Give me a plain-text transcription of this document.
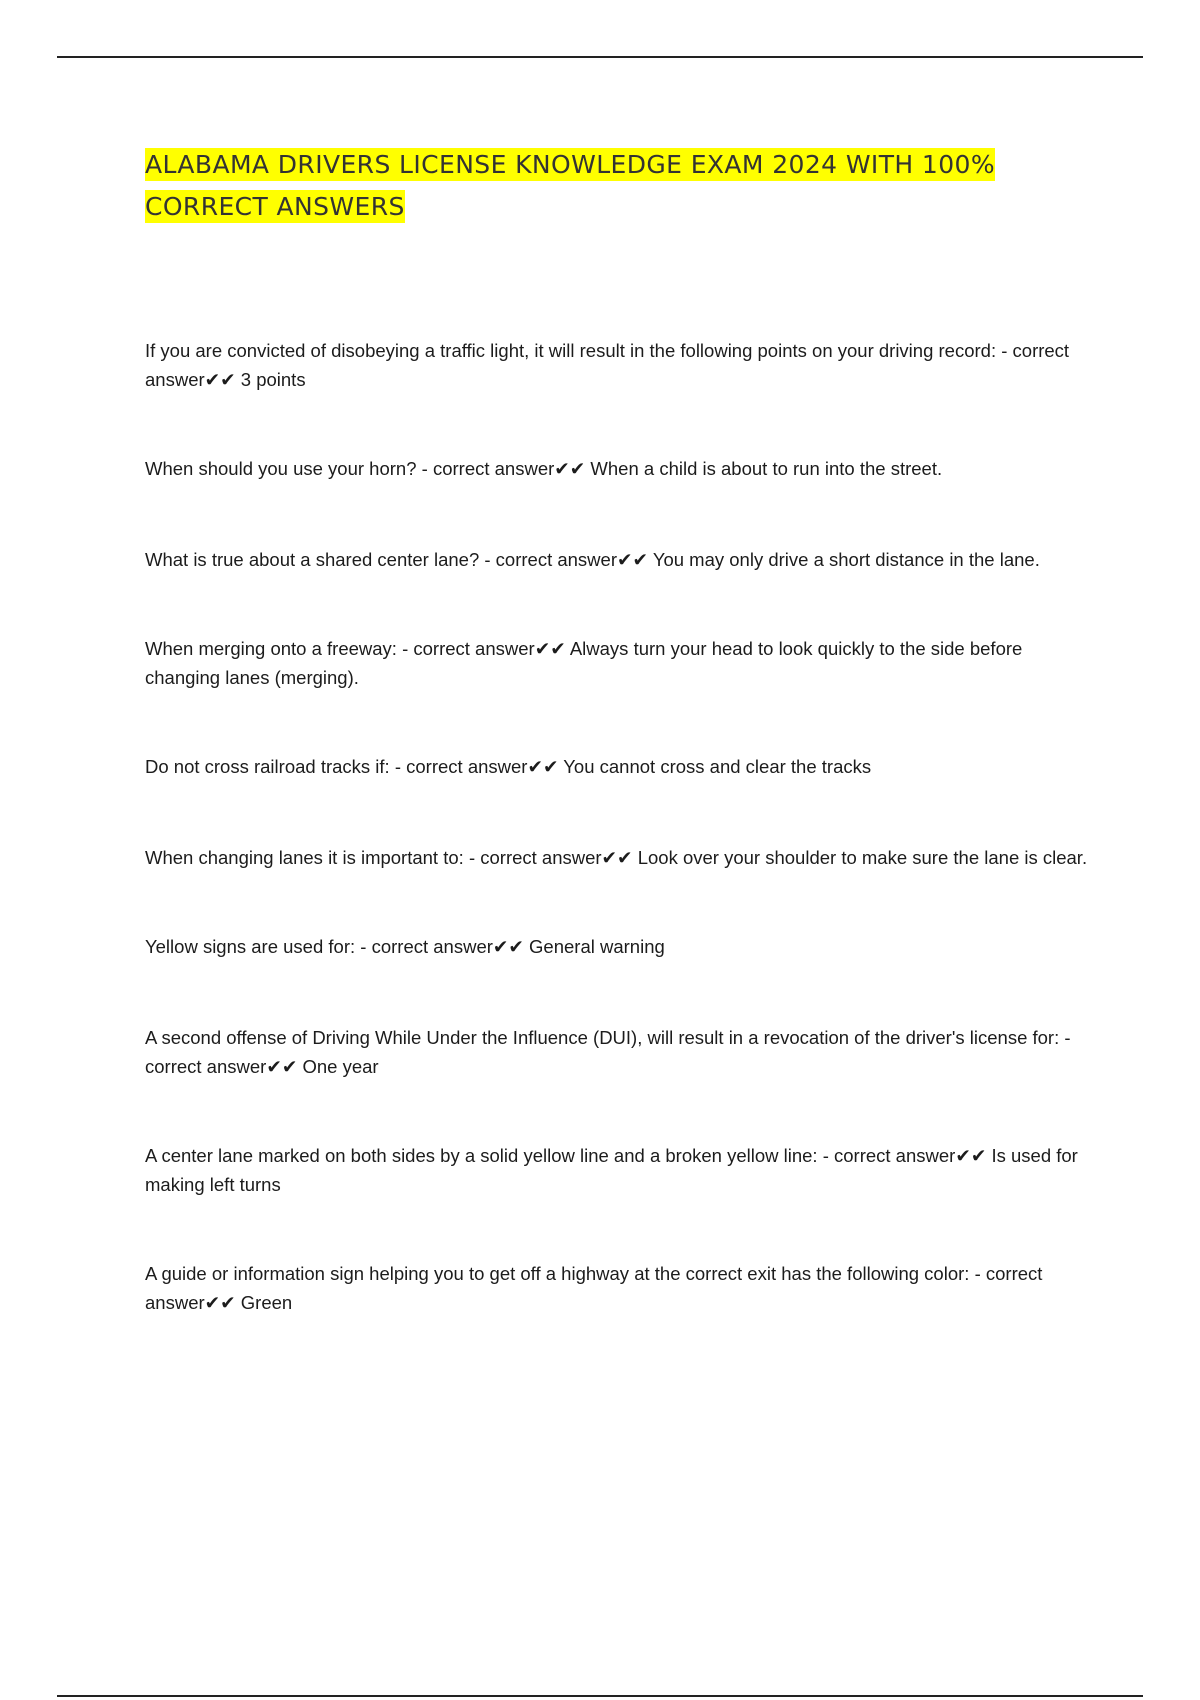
ALABAMA DRIVERS LICENSE KNOWLEDGE EXAM 2024 WITH 100% CORRECT ANSWERS
If you are convicted of disobeying a traffic light, it will result in the following points on your driving record: - correct answer✔✔ 3 points
When should you use your horn? - correct answer✔✔ When a child is about to run into the street.
What is true about a shared center lane? - correct answer✔✔ You may only drive a short distance in the lane.
When merging onto a freeway: - correct answer✔✔ Always turn your head to look quickly to the side before changing lanes (merging).
Do not cross railroad tracks if: - correct answer✔✔ You cannot cross and clear the tracks
When changing lanes it is important to: - correct answer✔✔ Look over your shoulder to make sure the lane is clear.
Yellow signs are used for: - correct answer✔✔ General warning
A second offense of Driving While Under the Influence (DUI), will result in a revocation of the driver's license for: - correct answer✔✔ One year
A center lane marked on both sides by a solid yellow line and a broken yellow line: - correct answer✔✔ Is used for making left turns
A guide or information sign helping you to get off a highway at the correct exit has the following color: - correct answer✔✔ Green
